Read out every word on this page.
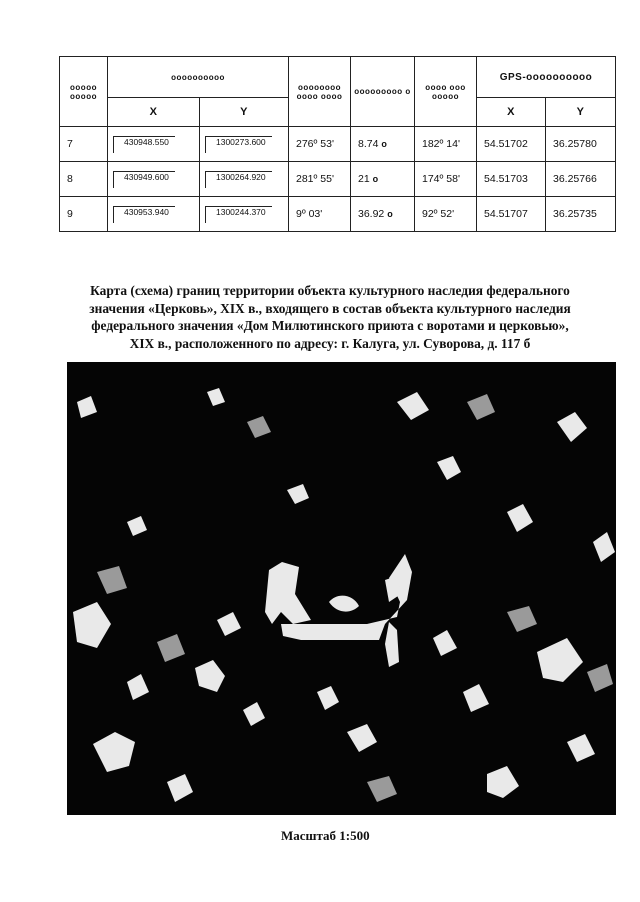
ооооо ооооо	оооооооооо		оооооооо оооо оооо	ооооооооо о	оооо ооо ооооо	GPS-оооооооооо	
	X	Y				X	Y
7	430948.550	1300273.600	276º 53'	8.74 о	182º 14'	54.51702	36.25780
8	430949.600	1300264.920	281º 55'	21 о	174º 58'	54.51703	36.25766
9	430953.940	1300244.370	9º 03'	36.92 о	92º 52'	54.51707	36.25735
Карта (схема) границ территории объекта культурного наследия федерального
значения «Церковь», XIX в., входящего в состав объекта культурного наследия
федерального значения «Дом Милютинского приюта с воротами и церковью»,
XIX в., расположенного по адресу: г. Калуга, ул. Суворова, д. 117 б
Масштаб 1:500
